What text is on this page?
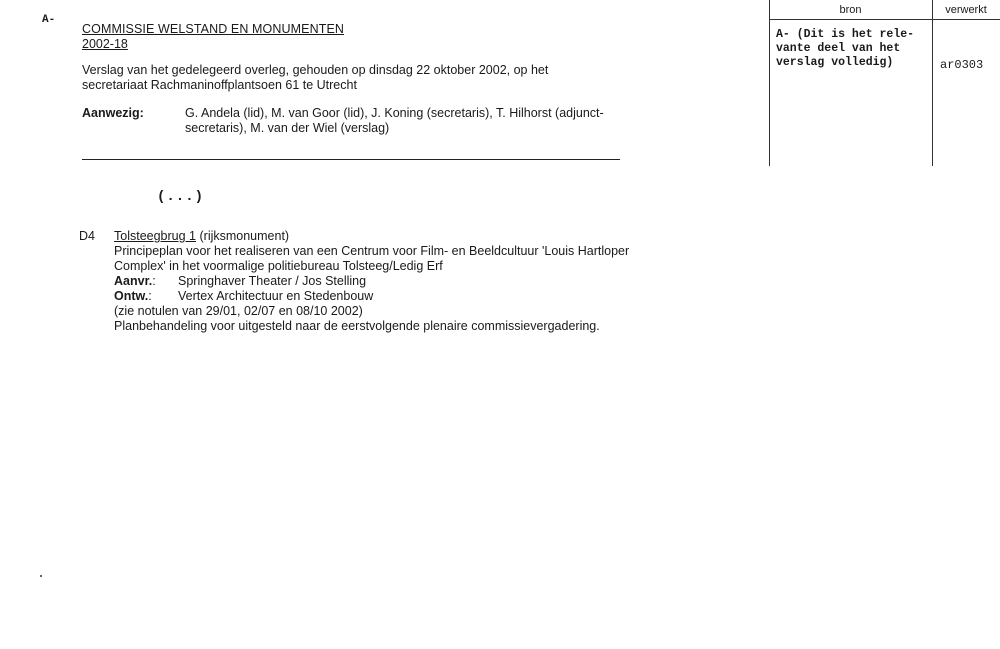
A-
COMMISSIE WELSTAND EN MONUMENTEN
2002-18
Verslag van het gedelegeerd overleg, gehouden op dinsdag 22 oktober 2002, op het secretariaat Rachmaninoffplantsoen 61 te Utrecht
Aanwezig:	G. Andela (lid), M. van Goor (lid), J. Koning (secretaris), T. Hilhorst (adjunct-secretaris), M. van der Wiel (verslag)
(...)
D4 Tolsteegbrug 1 (rijksmonument)
Principeplan voor het realiseren van een Centrum voor Film- en Beeldcultuur 'Louis Hartloper Complex' in het voormalige politiebureau Tolsteeg/Ledig Erf
Aanvr.:	Springhaver Theater / Jos Stelling
Ontw.:	Vertex Architectuur en Stedenbouw
(zie notulen van 29/01, 02/07 en 08/10 2002)
Planbehandeling voor uitgesteld naar de eerstvolgende plenaire commissievergadering.
bron	verwerkt
A- (Dit is het rele-vante deel van het verslag volledig)	ar0303
